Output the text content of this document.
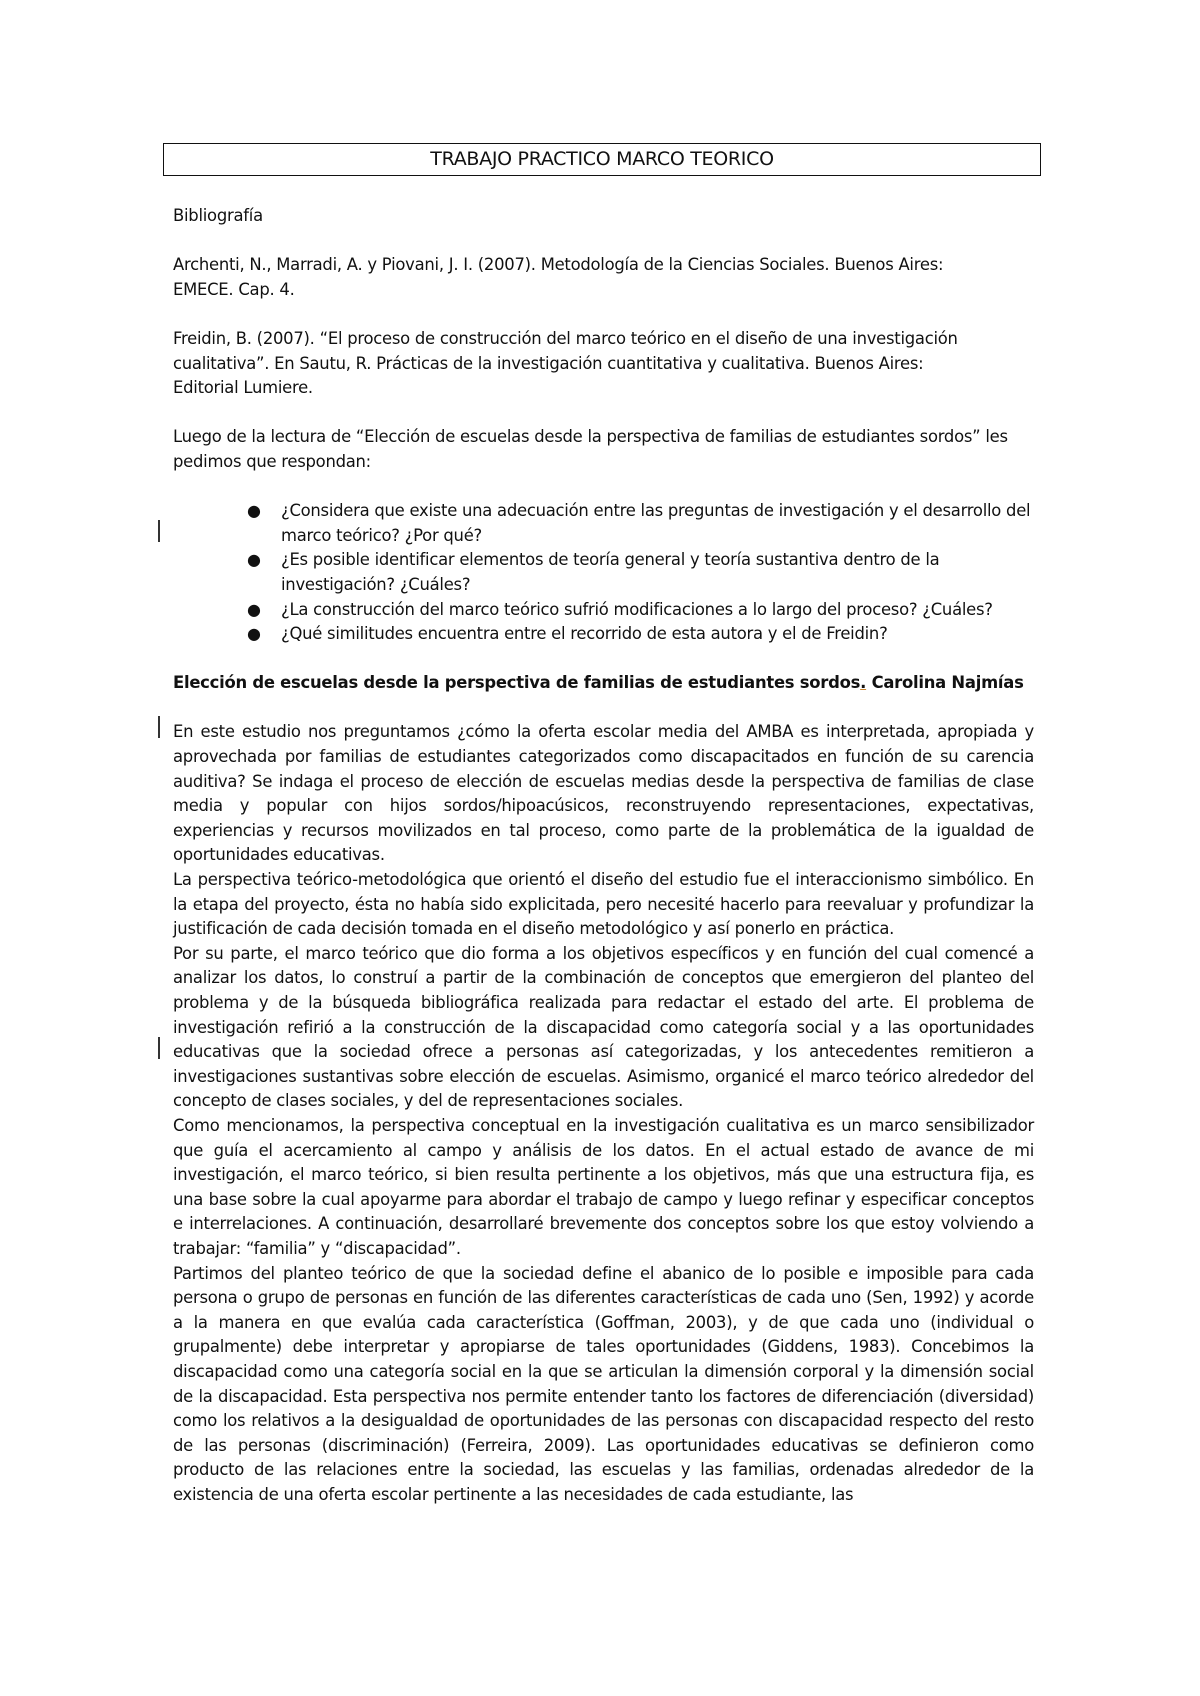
TRABAJO PRACTICO MARCO TEORICO

Bibliografía

Archenti, N., Marradi, A. y Piovani, J. I. (2007). Metodología de la Ciencias Sociales. Buenos Aires: EMECE. Cap. 4.

Freidin, B. (2007). “El proceso de construcción del marco teórico en el diseño de una investigación cualitativa”. En Sautu, R. Prácticas de la investigación cuantitativa y cualitativa. Buenos Aires: Editorial Lumiere.

Luego de la lectura de “Elección de escuelas desde la perspectiva de familias de estudiantes sordos” les pedimos que respondan:

● ¿Considera que existe una adecuación entre las preguntas de investigación y el desarrollo del marco teórico? ¿Por qué?
● ¿Es posible identificar elementos de teoría general y teoría sustantiva dentro de la investigación? ¿Cuáles?
● ¿La construcción del marco teórico sufrió modificaciones a lo largo del proceso? ¿Cuáles?
● ¿Qué similitudes encuentra entre el recorrido de esta autora y el de Freidin?

Elección de escuelas desde la perspectiva de familias de estudiantes sordos. Carolina Najmías

En este estudio nos preguntamos ¿cómo la oferta escolar media del AMBA es interpretada, apropiada y aprovechada por familias de estudiantes categorizados como discapacitados en función de su carencia auditiva? Se indaga el proceso de elección de escuelas medias desde la perspectiva de familias de clase media y popular con hijos sordos/hipoacúsicos, reconstruyendo representaciones, expectativas, experiencias y recursos movilizados en tal proceso, como parte de la problemática de la igualdad de oportunidades educativas.

La perspectiva teórico-metodológica que orientó el diseño del estudio fue el interaccionismo simbólico. En la etapa del proyecto, ésta no había sido explicitada, pero necesité hacerlo para reevaluar y profundizar la justificación de cada decisión tomada en el diseño metodológico y así ponerlo en práctica.

Por su parte, el marco teórico que dio forma a los objetivos específicos y en función del cual comencé a analizar los datos, lo construí a partir de la combinación de conceptos que emergieron del planteo del problema y de la búsqueda bibliográfica realizada para redactar el estado del arte. El problema de investigación refirió a la construcción de la discapacidad como categoría social y a las oportunidades educativas que la sociedad ofrece a personas así categorizadas, y los antecedentes remitieron a investigaciones sustantivas sobre elección de escuelas. Asimismo, organicé el marco teórico alrededor del concepto de clases sociales, y del de representaciones sociales.

Como mencionamos, la perspectiva conceptual en la investigación cualitativa es un marco sensibilizador que guía el acercamiento al campo y análisis de los datos. En el actual estado de avance de mi investigación, el marco teórico, si bien resulta pertinente a los objetivos, más que una estructura fija, es una base sobre la cual apoyarme para abordar el trabajo de campo y luego refinar y especificar conceptos e interrelaciones. A continuación, desarrollaré brevemente dos conceptos sobre los que estoy volviendo a trabajar: “familia” y “discapacidad”.

Partimos del planteo teórico de que la sociedad define el abanico de lo posible e imposible para cada persona o grupo de personas en función de las diferentes características de cada uno (Sen, 1992) y acorde a la manera en que evalúa cada característica (Goffman, 2003), y de que cada uno (individual o grupalmente) debe interpretar y apropiarse de tales oportunidades (Giddens, 1983). Concebimos la discapacidad como una categoría social en la que se articulan la dimensión corporal y la dimensión social de la discapacidad. Esta perspectiva nos permite entender tanto los factores de diferenciación (diversidad) como los relativos a la desigualdad de oportunidades de las personas con discapacidad respecto del resto de las personas (discriminación) (Ferreira, 2009). Las oportunidades educativas se definieron como producto de las relaciones entre la sociedad, las escuelas y las familias, ordenadas alrededor de la existencia de una oferta escolar pertinente a las necesidades de cada estudiante, las
